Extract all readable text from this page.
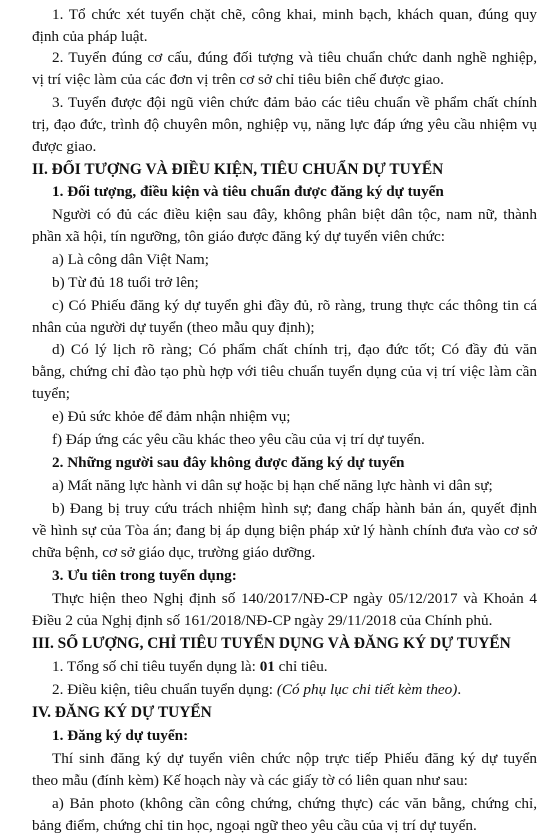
1. Tổ chức xét tuyển chặt chẽ, công khai, minh bạch, khách quan, đúng quy
định của pháp luật.
2. Tuyển đúng cơ cấu, đúng đối tượng và tiêu chuẩn chức danh nghề nghiệp,
vị trí việc làm của các đơn vị trên cơ sở chỉ tiêu biên chế được giao.
3. Tuyển được đội ngũ viên chức đảm bảo các tiêu chuẩn về phẩm chất chính
trị, đạo đức, trình độ chuyên môn, nghiệp vụ, năng lực đáp ứng yêu cầu nhiệm vụ
được giao.
II. ĐỐI TƯỢNG VÀ ĐIỀU KIỆN, TIÊU CHUẨN DỰ TUYỂN
1. Đối tượng, điều kiện và tiêu chuẩn được đăng ký dự tuyển
Người có đủ các điều kiện sau đây, không phân biệt dân tộc, nam nữ, thành
phần xã hội, tín ngưỡng, tôn giáo được đăng ký dự tuyển viên chức:
a) Là công dân Việt Nam;
b) Từ đủ 18 tuổi trở lên;
c) Có Phiếu đăng ký dự tuyển ghi đầy đủ, rõ ràng, trung thực các thông tin cá
nhân của người dự tuyển (theo mẫu quy định);
d) Có lý lịch rõ ràng; Có phẩm chất chính trị, đạo đức tốt; Có đầy đủ văn
bằng, chứng chỉ đào tạo phù hợp với tiêu chuẩn tuyển dụng của vị trí việc làm cần
tuyển;
e) Đủ sức khỏe để đảm nhận nhiệm vụ;
f) Đáp ứng các yêu cầu khác theo yêu cầu của vị trí dự tuyển.
2. Những người sau đây không được đăng ký dự tuyển
a) Mất năng lực hành vi dân sự hoặc bị hạn chế năng lực hành vi dân sự;
b) Đang bị truy cứu trách nhiệm hình sự; đang chấp hành bản án, quyết định
về hình sự của Tòa án; đang bị áp dụng biện pháp xử lý hành chính đưa vào cơ sở
chữa bệnh, cơ sở giáo dục, trường giáo dưỡng.
3. Ưu tiên trong tuyển dụng:
Thực hiện theo Nghị định số 140/2017/NĐ-CP ngày 05/12/2017 và Khoản 4
Điều 2 của Nghị định số 161/2018/NĐ-CP ngày 29/11/2018 của Chính phủ.
III. SỐ LƯỢNG, CHỈ TIÊU TUYỂN DỤNG VÀ ĐĂNG KÝ DỰ TUYỂN
1. Tổng số chỉ tiêu tuyển dụng là: 01 chỉ tiêu.
2. Điều kiện, tiêu chuẩn tuyển dụng: (Có phụ lục chi tiết kèm theo).
IV. ĐĂNG KÝ DỰ TUYỂN
1. Đăng ký dự tuyển:
Thí sinh đăng ký dự tuyển viên chức nộp trực tiếp Phiếu đăng ký dự tuyển
theo mẫu (đính kèm) Kế hoạch này và các giấy tờ có liên quan như sau:
a) Bản photo (không cần công chứng, chứng thực) các văn bằng, chứng chỉ,
bảng điểm, chứng chỉ tin học, ngoại ngữ theo yêu cầu của vị trí dự tuyển.
